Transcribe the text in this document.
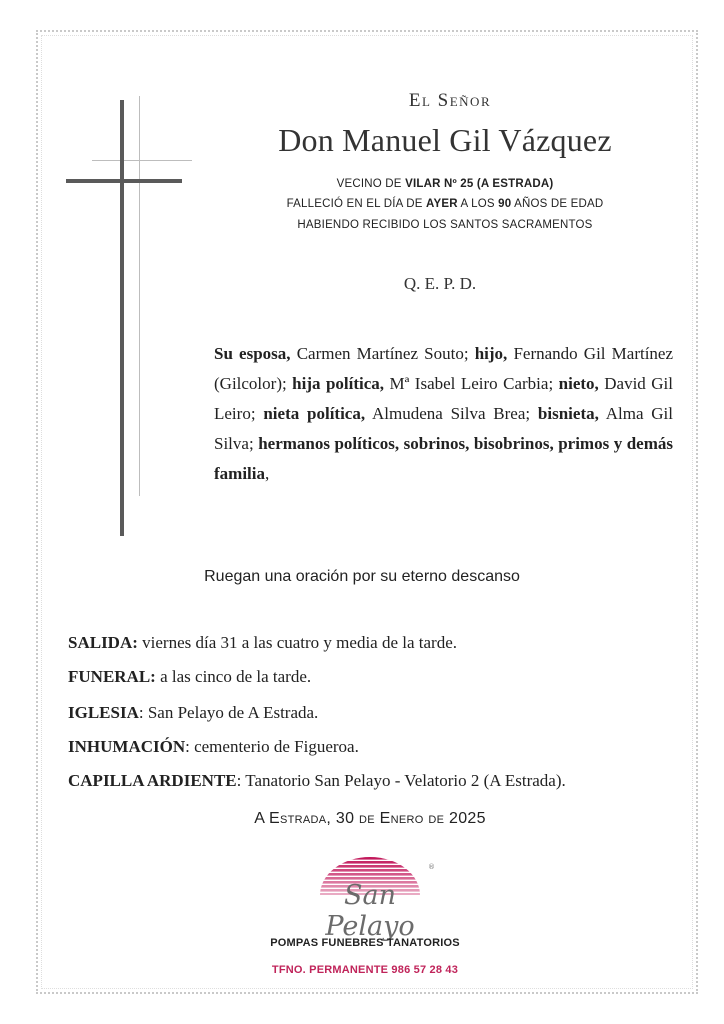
El Señor
Don Manuel Gil Vázquez
VECINO DE VILAR Nº 25 (A ESTRADA)
FALLECIÓ EN EL DÍA DE AYER A LOS 90 AÑOS DE EDAD
HABIENDO RECIBIDO LOS SANTOS SACRAMENTOS
Q. E. P. D.
Su esposa, Carmen Martínez Souto; hijo, Fernando Gil Martínez (Gilcolor); hija política, Mª Isabel Leiro Carbia; nieto, David Gil Leiro; nieta política, Almudena Silva Brea; bisnieta, Alma Gil Silva; hermanos políticos, sobrinos, bisobrinos, primos y demás familia,
Ruegan una oración por su eterno descanso
SALIDA: viernes día 31 a las cuatro y media de la tarde.
FUNERAL: a las cinco de la tarde.
IGLESIA: San Pelayo de A Estrada.
INHUMACIÓN: cementerio de Figueroa.
CAPILLA ARDIENTE: Tanatorio San Pelayo - Velatorio 2 (A Estrada).
A Estrada, 30 de Enero de 2025
®
San Pelayo
POMPAS FUNEBRES TANATORIOS
TFNO. PERMANENTE 986 57 28 43
